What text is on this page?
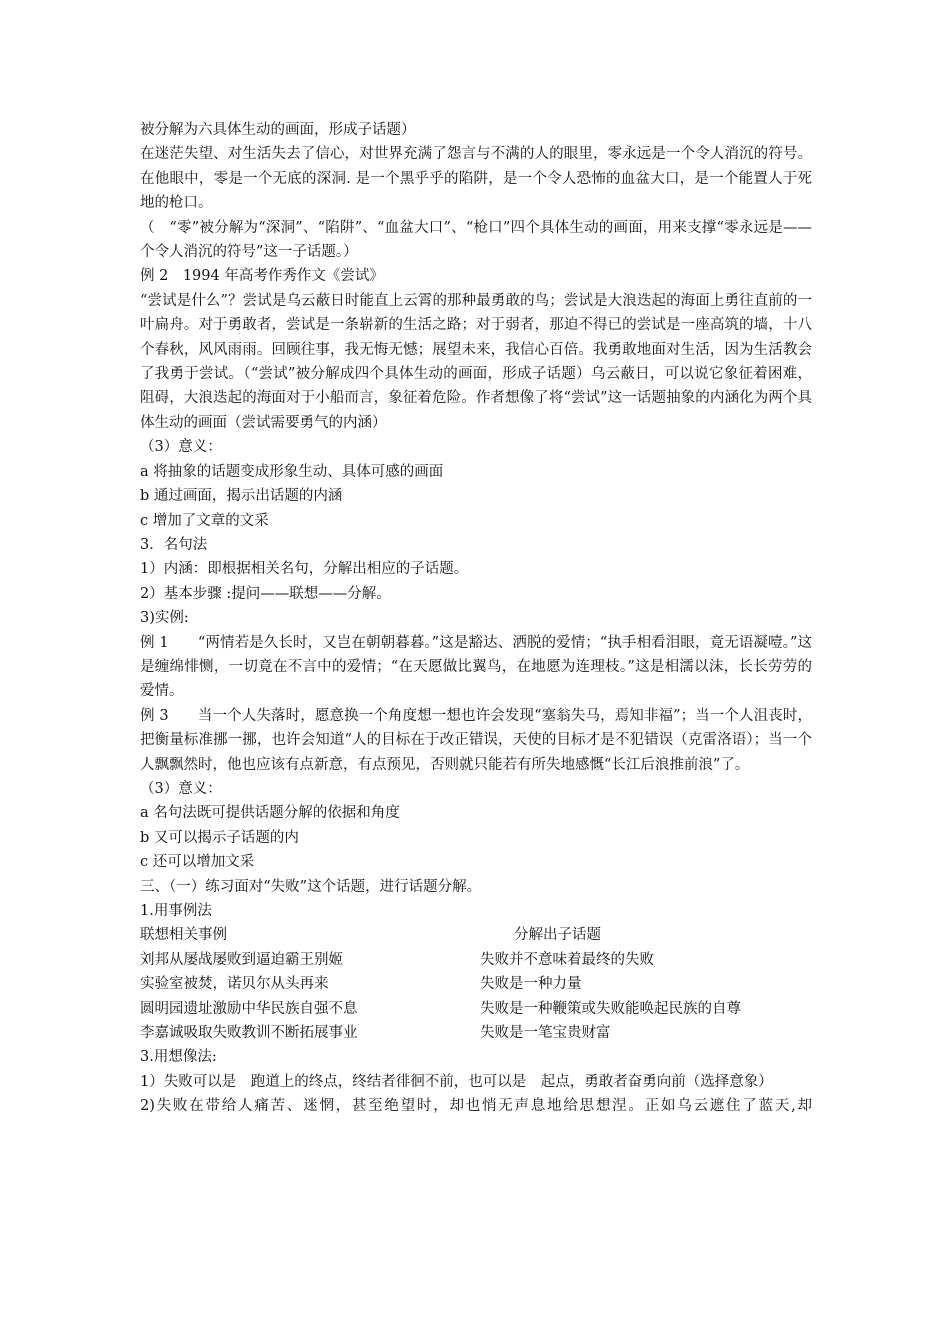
被分解为六具体生动的画面，形成子话题）

在迷茫失望、对生活失去了信心，对世界充满了怨言与不满的人的眼里，零永远是一个令人消沉的符号。在他眼中，零是一个无底的深洞. 是一个黑乎乎的陷阱，是一个令人恐怖的血盆大口，是一个能置人于死地的枪口。

（　“零”被分解为“深洞”、“陷阱”、“血盆大口”、“枪口”四个具体生动的画面，用来支撑“零永远是——个令人消沉的符号”这一子话题。）

例 2　1994 年高考作秀作文《尝试》

“尝试是什么”？尝试是乌云蔽日时能直上云霄的那种最勇敢的鸟；尝试是大浪迭起的海面上勇往直前的一叶扁舟。对于勇敢者，尝试是一条崭新的生活之路；对于弱者，那迫不得已的尝试是一座高筑的墙，十八个春秋，风风雨雨。回顾往事，我无悔无憾；展望未来，我信心百倍。我勇敢地面对生活，因为生活教会了我勇于尝试。（“尝试”被分解成四个具体生动的画面，形成子话题）乌云蔽日，可以说它象征着困难，阻碍，大浪迭起的海面对于小船而言，象征着危险。作者想像了将“尝试”这一话题抽象的内涵化为两个具体生动的画面（尝试需要勇气的内涵）

（3）意义：

a 将抽象的话题变成形象生动、具体可感的画面

b 通过画面，揭示出话题的内涵

c 增加了文章的文采

3．名句法

1）内涵：即根据相关名句，分解出相应的子话题。

2）基本步骤 :提问——联想——分解。

3)实例:

例 1　　“两情若是久长时，又岂在朝朝暮暮。”这是豁达、洒脱的爱情；“执手相看泪眼，竟无语凝噎。”这是缠绵悱恻，一切竟在不言中的爱情；“在天愿做比翼鸟，在地愿为连理枝。”这是相濡以沫，长长劳劳的爱情。

例 3　　当一个人失落时，愿意换一个角度想一想也许会发现“塞翁失马，焉知非福”；当一个人沮丧时，把衡量标准挪一挪，也许会知道“人的目标在于改正错误，天使的目标才是不犯错误（克雷洛语）；当一个人飘飘然时，他也应该有点新意，有点预见，否则就只能若有所失地感慨“长江后浪推前浪”了。

（3）意义：

a 名句法既可提供话题分解的依据和角度

b 又可以揭示子话题的内

c 还可以增加文采

三、（一）练习面对“失败”这个话题，进行话题分解。

1.用事例法

联想相关事例	分解出子话题
刘邦从屡战屡败到逼迫霸王别姬	失败并不意味着最终的失败
实验室被焚，诺贝尔从头再来	失败是一种力量
圆明园遗址激励中华民族自强不息	失败是一种鞭策或失败能唤起民族的自尊
李嘉诚吸取失败教训不断拓展事业	失败是一笔宝贵财富

3.用想像法:

1）失败可以是　跑道上的终点，终结者徘徊不前，也可以是　起点，勇敢者奋勇向前（选择意象）

2)失败在带给人痛苦、迷惘，甚至绝望时，却也悄无声息地给思想涅。正如乌云遮住了蓝天,却
